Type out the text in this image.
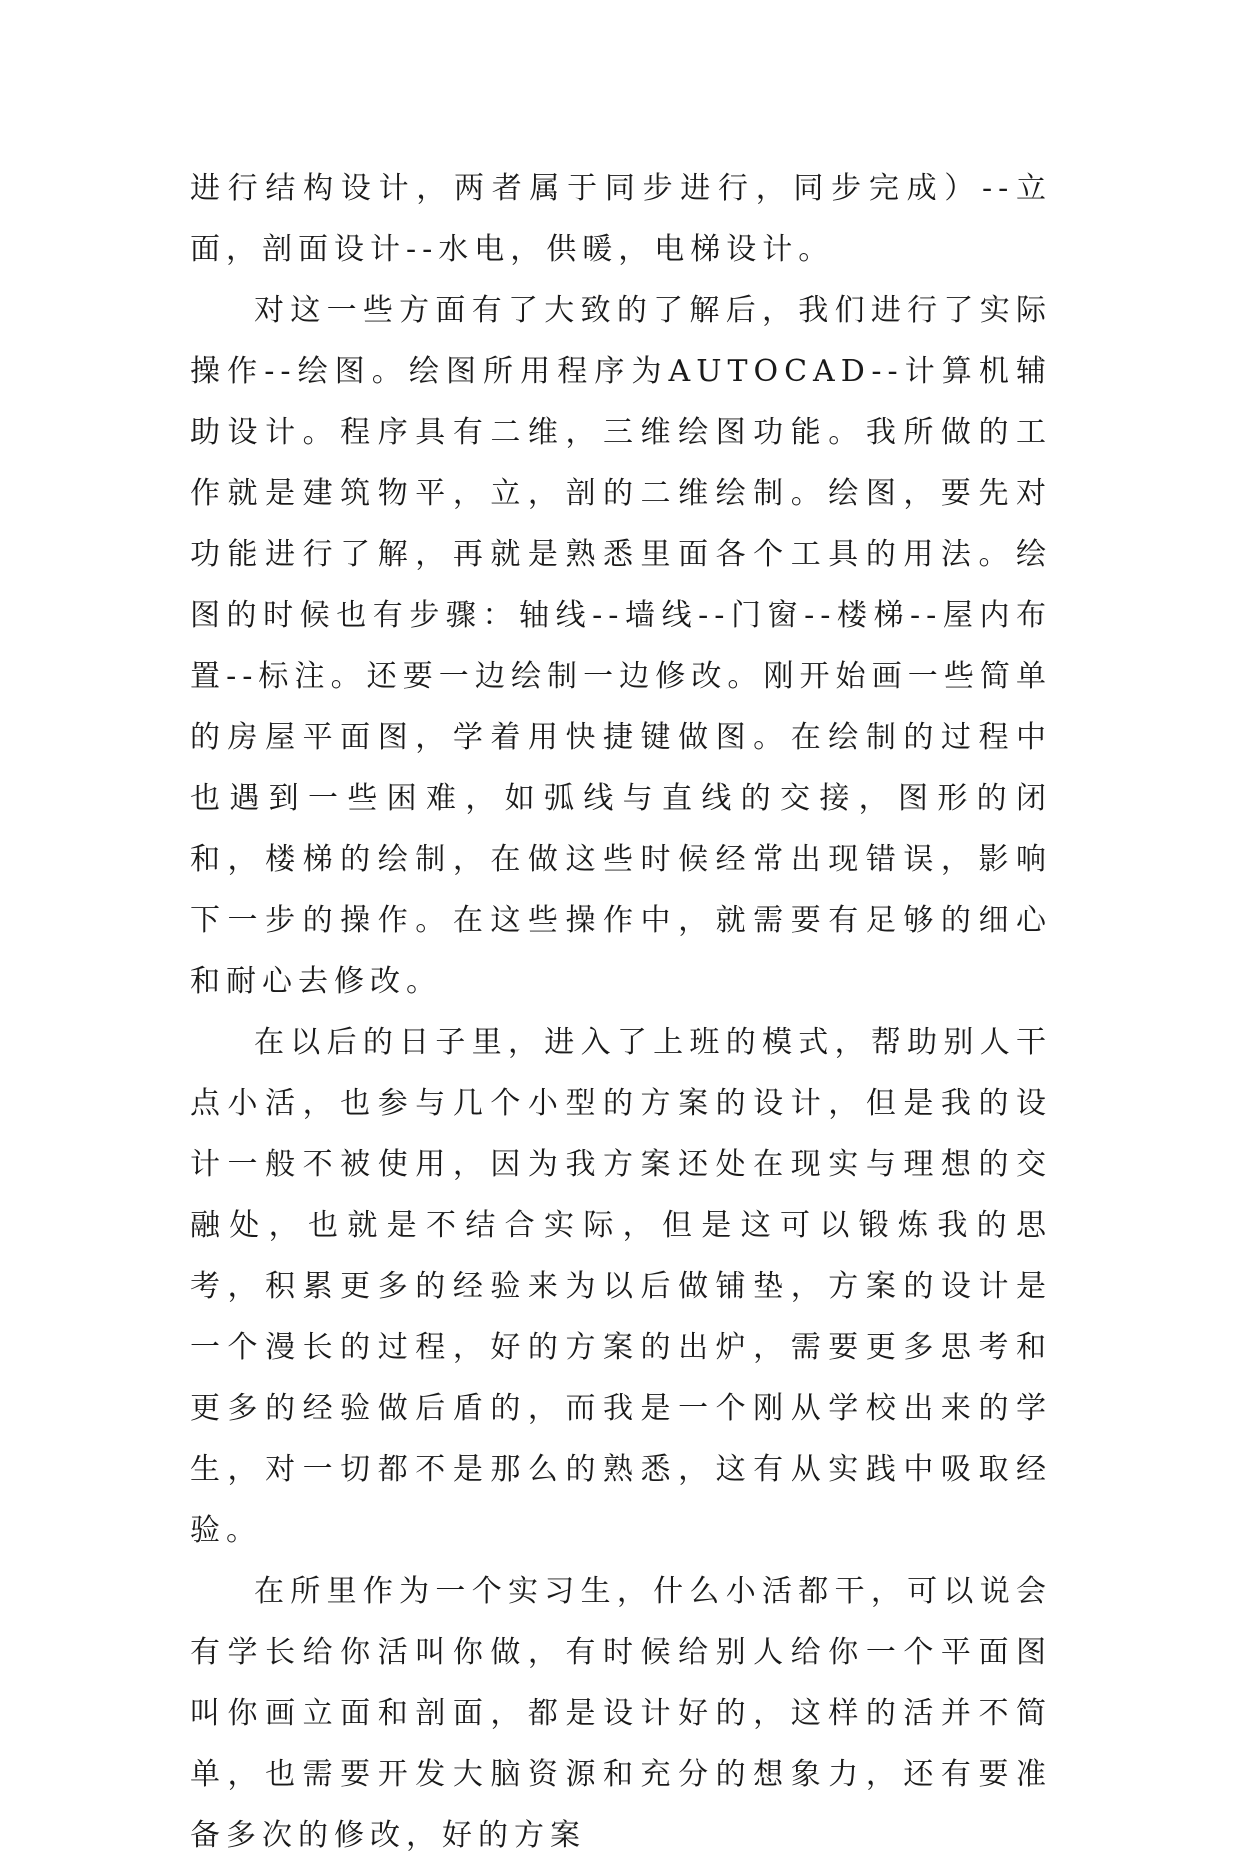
进行结构设计，两者属于同步进行，同步完成）--立面，剖面设计--水电，供暖，电梯设计。

对这一些方面有了大致的了解后，我们进行了实际操作--绘图。绘图所用程序为AUTOCAD--计算机辅助设计。程序具有二维，三维绘图功能。我所做的工作就是建筑物平，立，剖的二维绘制。绘图，要先对功能进行了解，再就是熟悉里面各个工具的用法。绘图的时候也有步骤：轴线--墙线--门窗--楼梯--屋内布置--标注。还要一边绘制一边修改。刚开始画一些简单的房屋平面图，学着用快捷键做图。在绘制的过程中也遇到一些困难，如弧线与直线的交接，图形的闭和，楼梯的绘制，在做这些时候经常出现错误，影响下一步的操作。在这些操作中，就需要有足够的细心和耐心去修改。

在以后的日子里，进入了上班的模式，帮助别人干点小活，也参与几个小型的方案的设计，但是我的设计一般不被使用，因为我方案还处在现实与理想的交融处，也就是不结合实际，但是这可以锻炼我的思考，积累更多的经验来为以后做铺垫，方案的设计是一个漫长的过程，好的方案的出炉，需要更多思考和更多的经验做后盾的，而我是一个刚从学校出来的学生，对一切都不是那么的熟悉，这有从实践中吸取经验。

在所里作为一个实习生，什么小活都干，可以说会有学长给你活叫你做，有时候给别人给你一个平面图叫你画立面和剖面，都是设计好的，这样的活并不简单，也需要开发大脑资源和充分的想象力，还有要准备多次的修改，好的方案
